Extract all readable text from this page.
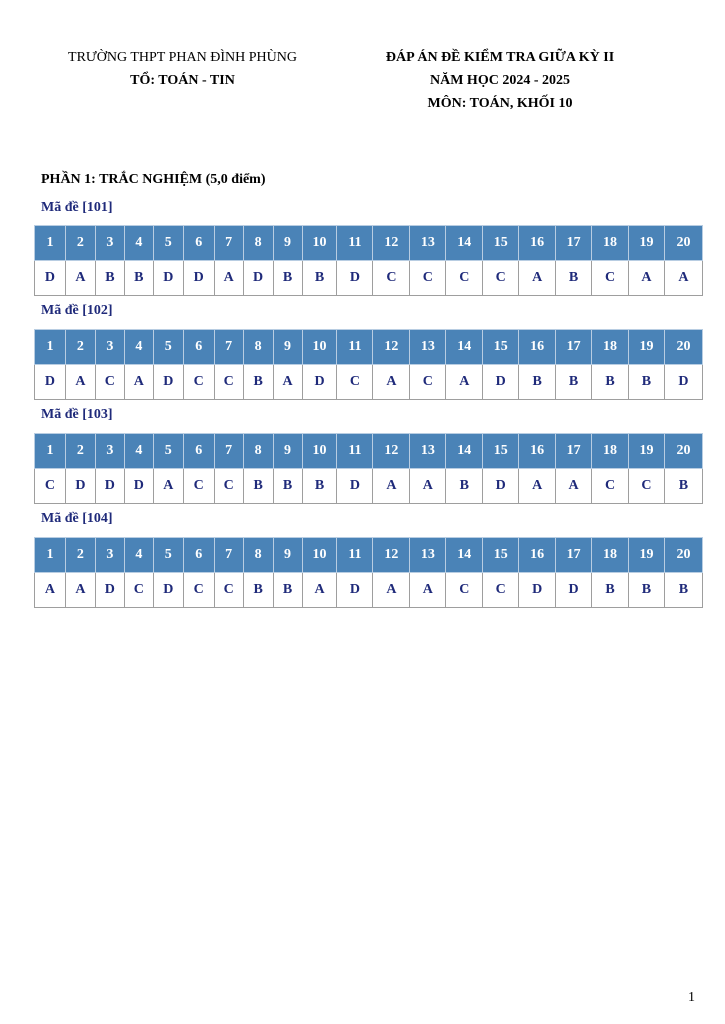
TRƯỜNG THPT PHAN ĐÌNH PHÙNG
TỔ: TOÁN - TIN
ĐÁP ÁN ĐỀ KIỂM TRA GIỮA KỲ II
NĂM HỌC 2024 - 2025
MÔN: TOÁN, KHỐI 10
PHẦN 1: TRẮC NGHIỆM (5,0 điểm)
Mã đề [101]
1	2	3	4	5	6	7	8	9	10	11	12	13	14	15	16	17	18	19	20
D	A	B	B	D	D	A	D	B	B	D	C	C	C	C	A	B	C	A	A
Mã đề [102]
1	2	3	4	5	6	7	8	9	10	11	12	13	14	15	16	17	18	19	20
D	A	C	A	D	C	C	B	A	D	C	A	C	A	D	B	B	B	B	D
Mã đề [103]
1	2	3	4	5	6	7	8	9	10	11	12	13	14	15	16	17	18	19	20
C	D	D	D	A	C	C	B	B	B	D	A	A	B	D	A	A	C	C	B
Mã đề [104]
1	2	3	4	5	6	7	8	9	10	11	12	13	14	15	16	17	18	19	20
A	A	D	C	D	C	C	B	B	A	D	A	A	C	C	D	D	B	B	B
1
